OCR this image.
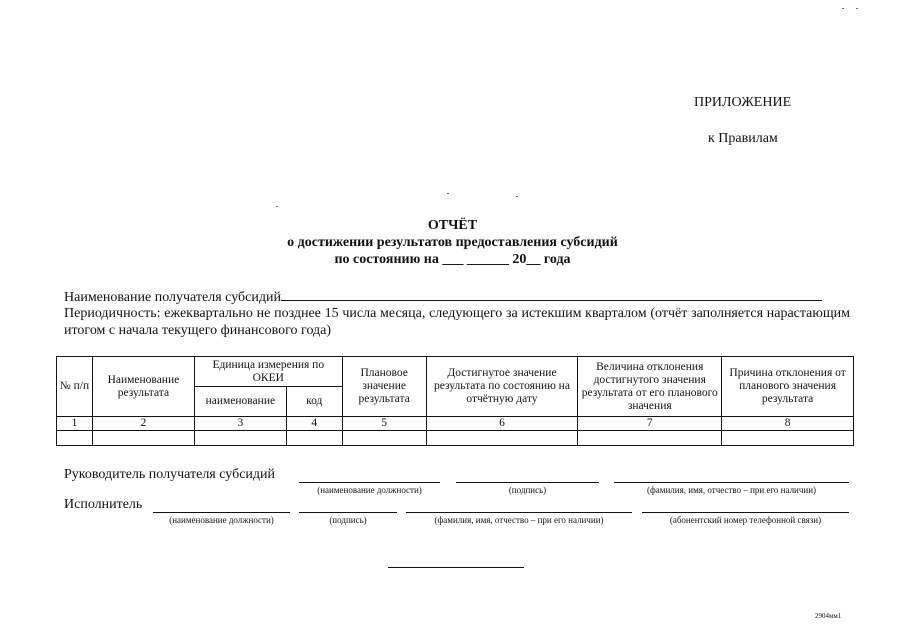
ПРИЛОЖЕНИЕ
к Правилам
ОТЧЁТ
о достижении результатов предоставления субсидий
по состоянию на ___ ______ 20__ года
Наименование получателя субсидий
Периодичность: ежеквартально не позднее 15 числа месяца, следующего за истекшим кварталом (отчёт заполняется нарастающим итогом с начала текущего финансового года)
№ п/п	Наименование результата	Единица измерения по ОКЕИ		Плановое значение результата	Достигнутое значение результата по состоянию на отчётную дату	Величина отклонения достигнутого значения результата от его планового значения	Причина отклонения от планового значения результата
		наименование	код				
1	2	3	4	5	6	7	8

Руководитель получателя субсидий
(наименование должности)	(подпись)	(фамилия, имя, отчество – при его наличии)
Исполнитель
(наименование должности)	(подпись)	(фамилия, имя, отчество – при его наличии)	(абонентский номер телефонной связи)
2904мм1
